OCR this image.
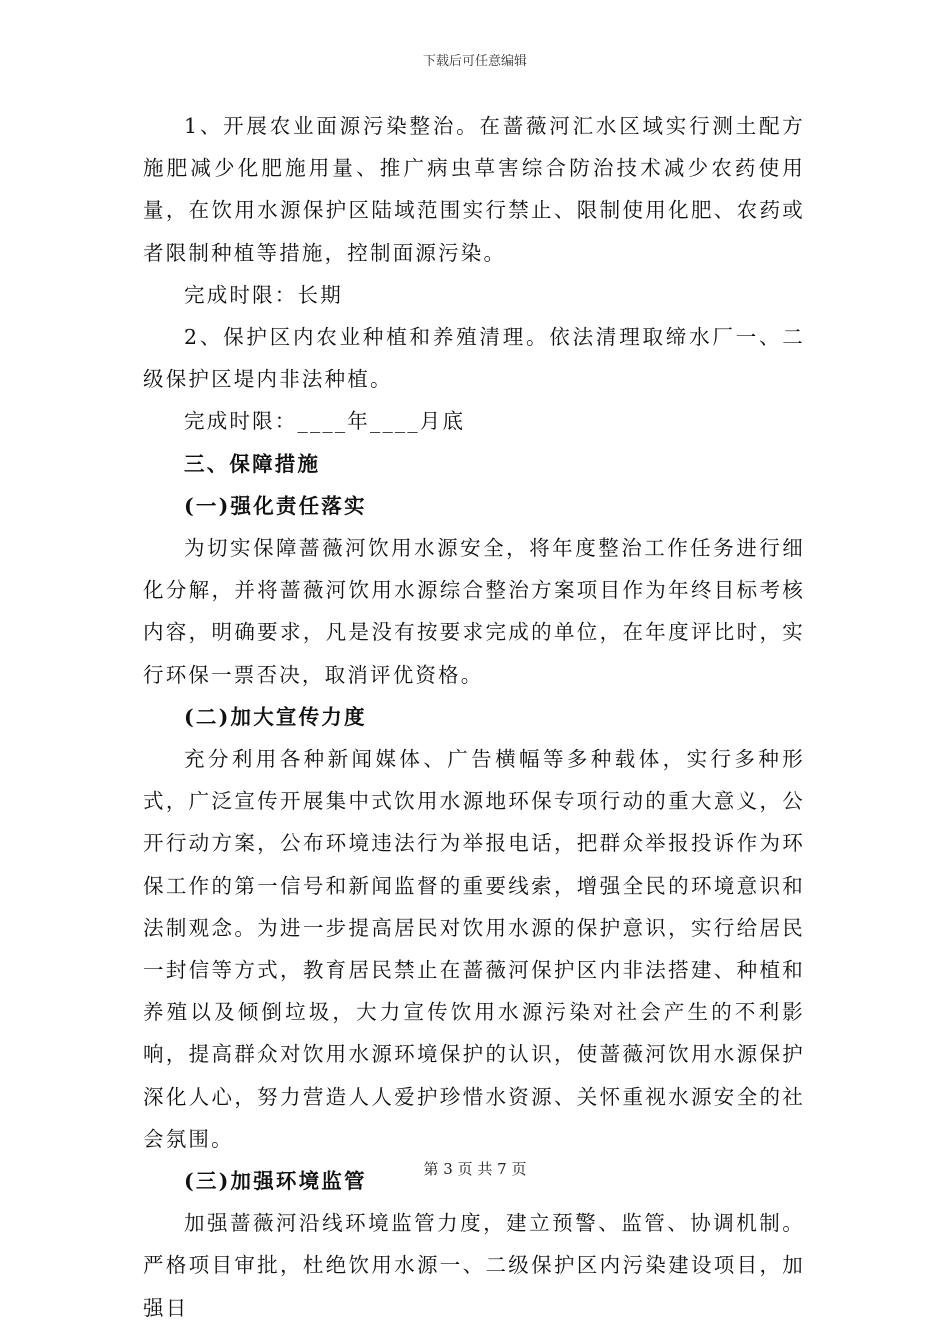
下载后可任意编辑

1、开展农业面源污染整治。在蔷薇河汇水区域实行测土配方施肥减少化肥施用量、推广病虫草害综合防治技术减少农药使用量，在饮用水源保护区陆域范围实行禁止、限制使用化肥、农药或者限制种植等措施，控制面源污染。

完成时限：长期

2、保护区内农业种植和养殖清理。依法清理取缔水厂一、二级保护区堤内非法种植。

完成时限：____年____月底

三、保障措施

(一)强化责任落实

为切实保障蔷薇河饮用水源安全，将年度整治工作任务进行细化分解，并将蔷薇河饮用水源综合整治方案项目作为年终目标考核内容，明确要求，凡是没有按要求完成的单位，在年度评比时，实行环保一票否决，取消评优资格。

(二)加大宣传力度

充分利用各种新闻媒体、广告横幅等多种载体，实行多种形式，广泛宣传开展集中式饮用水源地环保专项行动的重大意义，公开行动方案，公布环境违法行为举报电话，把群众举报投诉作为环保工作的第一信号和新闻监督的重要线索，增强全民的环境意识和法制观念。为进一步提高居民对饮用水源的保护意识，实行给居民一封信等方式，教育居民禁止在蔷薇河保护区内非法搭建、种植和养殖以及倾倒垃圾，大力宣传饮用水源污染对社会产生的不利影响，提高群众对饮用水源环境保护的认识，使蔷薇河饮用水源保护深化人心，努力营造人人爱护珍惜水资源、关怀重视水源安全的社会氛围。

(三)加强环境监管

加强蔷薇河沿线环境监管力度，建立预警、监管、协调机制。严格项目审批，杜绝饮用水源一、二级保护区内污染建设项目，加强日

第 3 页 共 7 页
